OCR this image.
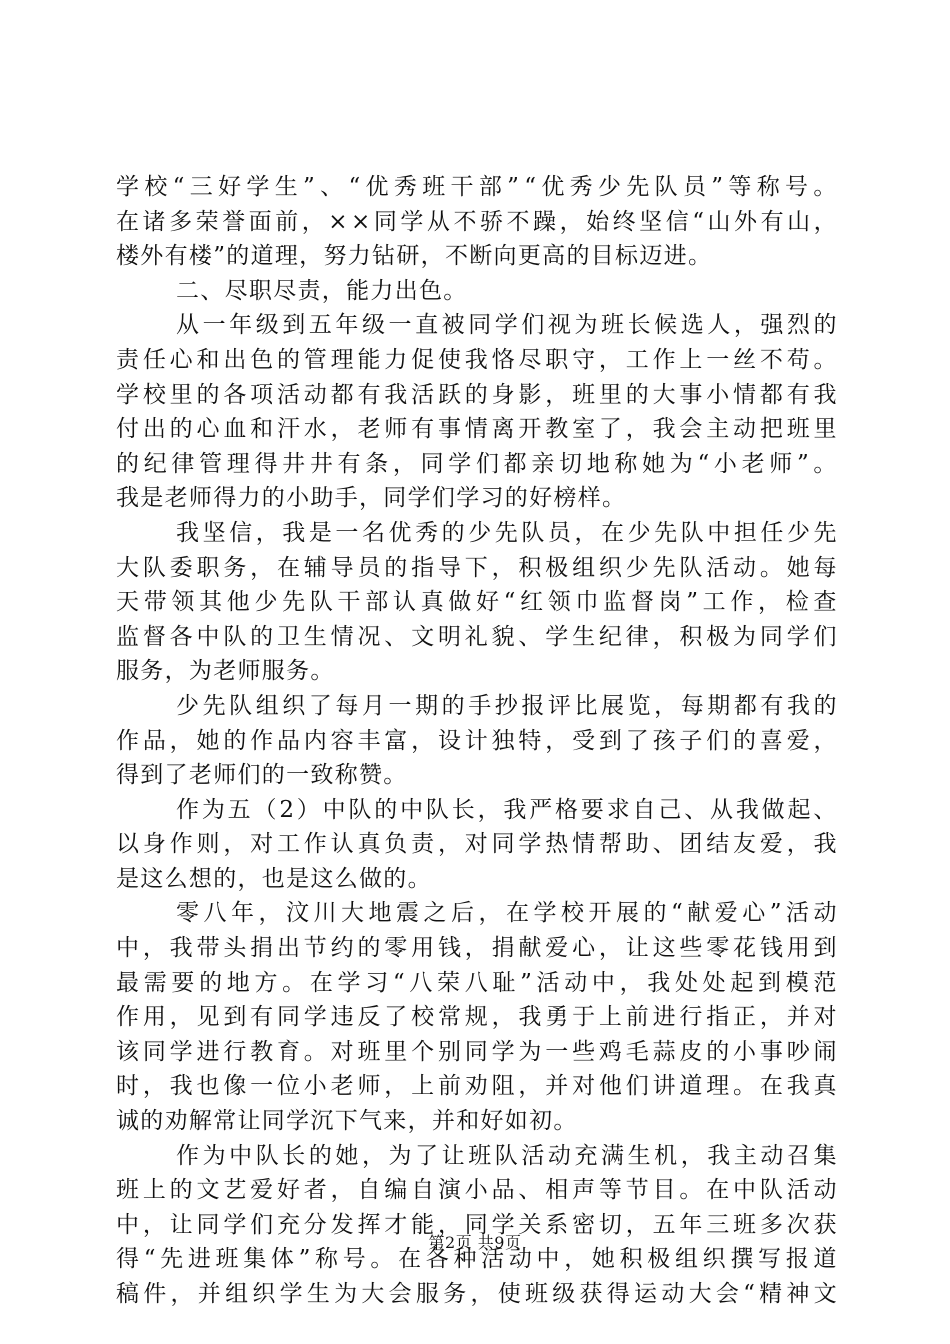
学 校 “ 三 好 学 生 ” 、 “ 优 秀 班 干 部 ” “ 优 秀 少 先 队 员 ” 等 称 号 。
在 诸 多 荣 誉 面 前 ， × × 同 学 从 不 骄 不 躁 ， 始 终 坚 信 “ 山 外 有 山 ，
楼外有楼”的道理，努力钻研，不断向更高的目标迈进。
二、尽职尽责，能力出色。
从 一 年 级 到 五 年 级 一 直 被 同 学 们 视 为 班 长 候 选 人 ， 强 烈 的
责 任 心 和 出 色 的 管 理 能 力 促 使 我 恪 尽 职 守 ， 工 作 上 一 丝 不 苟 。
学 校 里 的 各 项 活 动 都 有 我 活 跃 的 身 影 ， 班 里 的 大 事 小 情 都 有 我
付 出 的 心 血 和 汗 水 ， 老 师 有 事 情 离 开 教 室 了 ， 我 会 主 动 把 班 里
的 纪 律 管 理 得 井 井 有 条 ， 同 学 们 都 亲 切 地 称 她 为 “ 小 老 师 ” 。
我是老师得力的小助手，同学们学习的好榜样。
我 坚 信 ， 我 是 一 名 优 秀 的 少 先 队 员 ， 在 少 先 队 中 担 任 少 先
大 队 委 职 务 ， 在 辅 导 员 的 指 导 下 ， 积 极 组 织 少 先 队 活 动 。 她 每
天 带 领 其 他 少 先 队 干 部 认 真 做 好 “ 红 领 巾 监 督 岗 ” 工 作 ， 检 查
监 督 各 中 队 的 卫 生 情 况 、 文 明 礼 貌 、 学 生 纪 律 ， 积 极 为 同 学 们
服务，为老师服务。
少 先 队 组 织 了 每 月 一 期 的 手 抄 报 评 比 展 览 ， 每 期 都 有 我 的
作 品 ， 她 的 作 品 内 容 丰 富 ， 设 计 独 特 ， 受 到 了 孩 子 们 的 喜 爱 ，
得到了老师们的一致称赞。
作 为 五 （ 2 ） 中 队 的 中 队 长 ， 我 严 格 要 求 自 己 、 从 我 做 起 、
以 身 作 则 ， 对 工 作 认 真 负 责 ， 对 同 学 热 情 帮 助 、 团 结 友 爱 ， 我
是这么想的，也是这么做的。
零 八 年 ， 汶 川 大 地 震 之 后 ， 在 学 校 开 展 的 “ 献 爱 心 ” 活 动
中 ， 我 带 头 捐 出 节 约 的 零 用 钱 ， 捐 献 爱 心 ， 让 这 些 零 花 钱 用 到
最 需 要 的 地 方 。 在 学 习 “ 八 荣 八 耻 ” 活 动 中 ， 我 处 处 起 到 模 范
作 用 ， 见 到 有 同 学 违 反 了 校 常 规 ， 我 勇 于 上 前 进 行 指 正 ， 并 对
该 同 学 进 行 教 育 。 对 班 里 个 别 同 学 为 一 些 鸡 毛 蒜 皮 的 小 事 吵 闹
时 ， 我 也 像 一 位 小 老 师 ， 上 前 劝 阻 ， 并 对 他 们 讲 道 理 。 在 我 真
诚的劝解常让同学沉下气来，并和好如初。
作 为 中 队 长 的 她 ， 为 了 让 班 队 活 动 充 满 生 机 ， 我 主 动 召 集
班 上 的 文 艺 爱 好 者 ， 自 编 自 演 小 品 、 相 声 等 节 目 。 在 中 队 活 动
中 ， 让 同 学 们 充 分 发 挥 才 能 ， 同 学 关 系 密 切 ， 五 年 三 班 多 次 获
得 “ 先 进 班 集 体 ” 称 号 。 在 各 种 活 动 中 ， 她 积 极 组 织 撰 写 报 道
稿 件 ， 并 组 织 学 生 为 大 会 服 务 ， 使 班 级 获 得 运 动 大 会 “ 精 神 文
第2页 共9页
